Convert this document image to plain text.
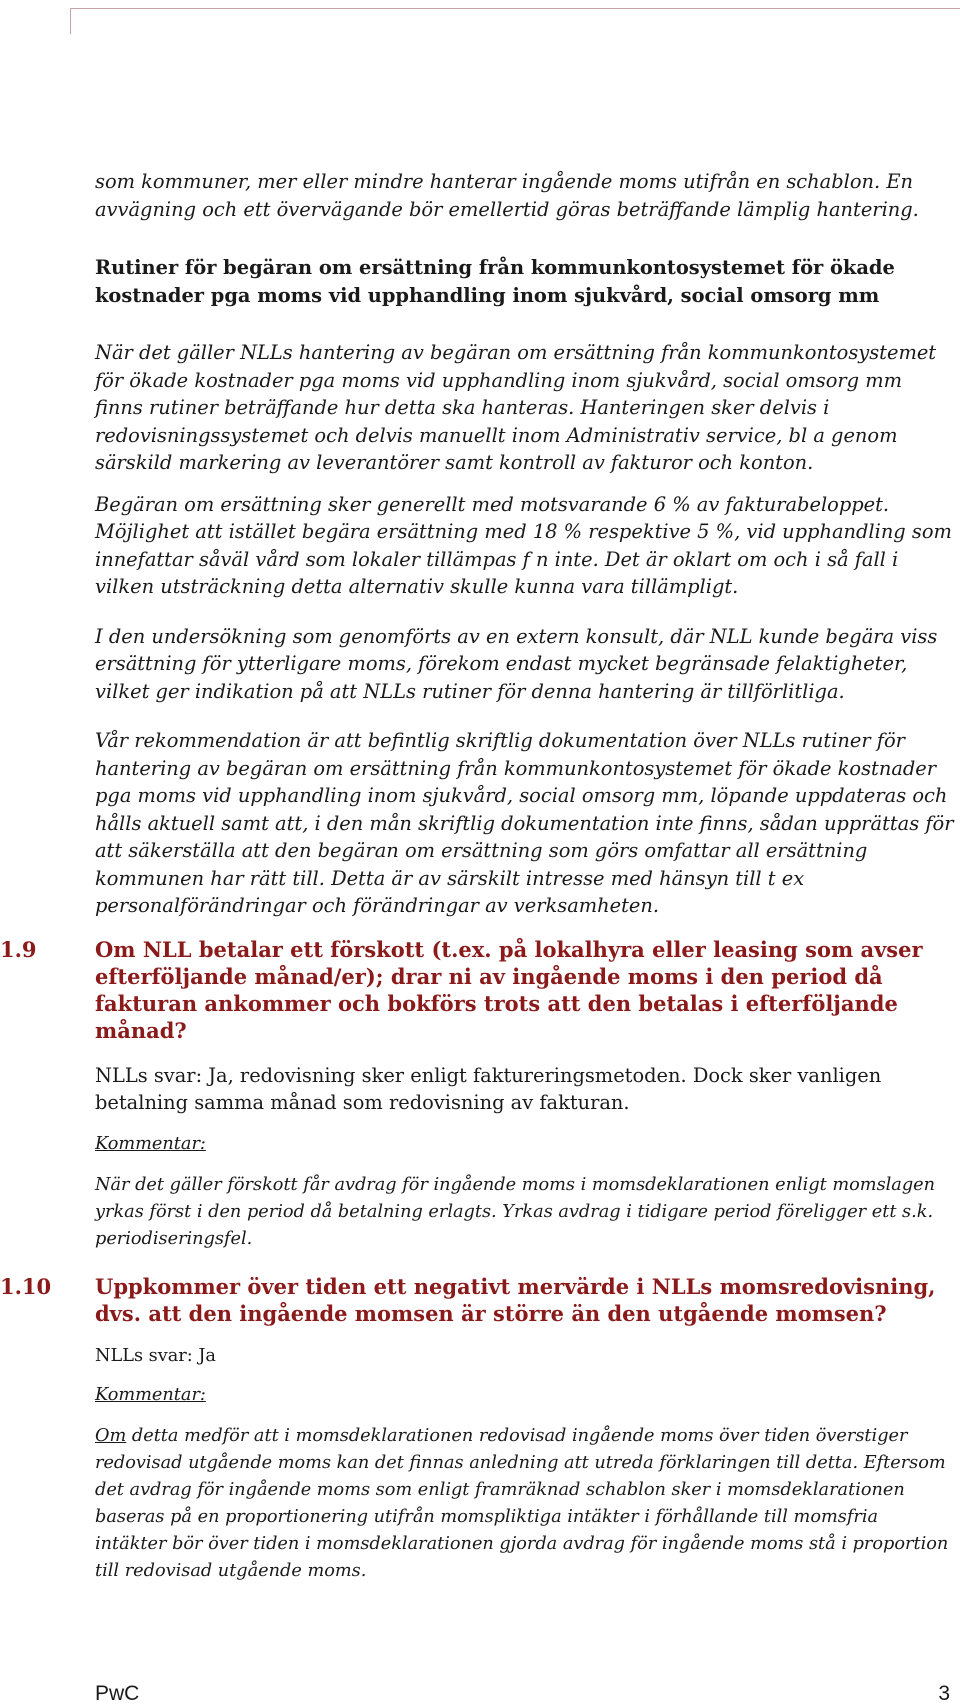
som kommuner, mer eller mindre hanterar ingående moms utifrån en schablon. En avvägning och ett övervägande bör emellertid göras beträffande lämplig hantering.

Rutiner för begäran om ersättning från kommunkontosystemet för ökade kostnader pga moms vid upphandling inom sjukvård, social omsorg mm

När det gäller NLLs hantering av begäran om ersättning från kommunkontosystemet för ökade kostnader pga moms vid upphandling inom sjukvård, social omsorg mm finns rutiner beträffande hur detta ska hanteras. Hanteringen sker delvis i redovisningssystemet och delvis manuellt inom Administrativ service, bl a genom särskild markering av leverantörer samt kontroll av fakturor och konton.

Begäran om ersättning sker generellt med motsvarande 6 % av fakturabeloppet. Möjlighet att istället begära ersättning med 18 % respektive 5 %, vid upphandling som innefattar såväl vård som lokaler tillämpas f n inte. Det är oklart om och i så fall i vilken utsträckning detta alternativ skulle kunna vara tillämpligt.

I den undersökning som genomförts av en extern konsult, där NLL kunde begära viss ersättning för ytterligare moms, förekom endast mycket begränsade felaktigheter, vilket ger indikation på att NLLs rutiner för denna hantering är tillförlitliga.

Vår rekommendation är att befintlig skriftlig dokumentation över NLLs rutiner för hantering av begäran om ersättning från kommunkontosystemet för ökade kostnader pga moms vid upphandling inom sjukvård, social omsorg mm, löpande uppdateras och hålls aktuell samt att, i den mån skriftlig dokumentation inte finns, sådan upprättas för att säkerställa att den begäran om ersättning som görs omfattar all ersättning kommunen har rätt till. Detta är av särskilt intresse med hänsyn till t ex personalförändringar och förändringar av verksamheten.

1.9	Om NLL betalar ett förskott (t.ex. på lokalhyra eller leasing som avser efterföljande månad/er); drar ni av ingående moms i den period då fakturan ankommer och bokförs trots att den betalas i efterföljande månad?

NLLs svar: Ja, redovisning sker enligt faktureringsmetoden. Dock sker vanligen betalning samma månad som redovisning av fakturan.

Kommentar:

När det gäller förskott får avdrag för ingående moms i momsdeklarationen enligt momslagen yrkas först i den period då betalning erlagts. Yrkas avdrag i tidigare period föreligger ett s.k. periodiseringsfel.

1.10 Uppkommer över tiden ett negativt mervärde i NLLs momsredovisning, dvs. att den ingående momsen är större än den utgående momsen?

NLLs svar: Ja

Kommentar:

Om detta medför att i momsdeklarationen redovisad ingående moms över tiden överstiger redovisad utgående moms kan det finnas anledning att utreda förklaringen till detta. Eftersom det avdrag för ingående moms som enligt framräknad schablon sker i momsdeklarationen baseras på en proportionering utifrån momspliktiga intäkter i förhållande till momsfria intäkter bör över tiden i momsdeklarationen gjorda avdrag för ingående moms stå i proportion till redovisad utgående moms.

PwC	3
